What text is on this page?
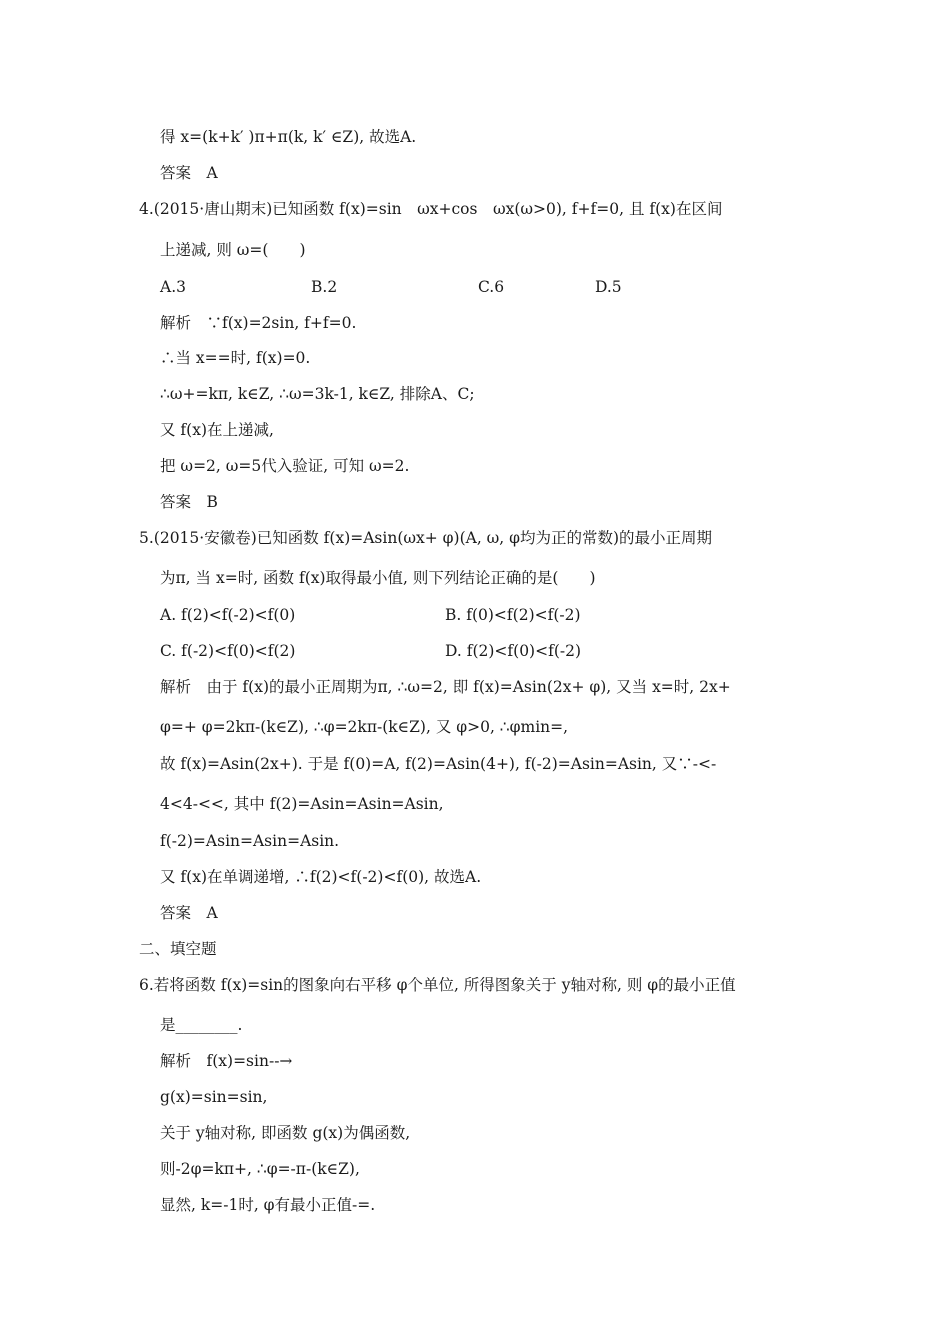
得 x=(k+k′ )π+π(k, k′ ∈Z), 故选A.
答案　A
4.(2015·唐山期末)已知函数 f(x)=sin　ωx+cos　ωx(ω>0), f+f=0, 且 f(x)在区间
上递减, 则 ω=(　　)
A.3	B.2	C.6	D.5
解析　∵f(x)=2sin, f+f=0.
∴当 x==时, f(x)=0.
∴ω+=kπ, k∈Z, ∴ω=3k-1, k∈Z, 排除A、C;
又 f(x)在上递减,
把 ω=2, ω=5代入验证, 可知 ω=2.
答案　B
5.(2015·安徽卷)已知函数 f(x)=Asin(ωx+ φ)(A, ω, φ均为正的常数)的最小正周期
为π, 当 x=时, 函数 f(x)取得最小值, 则下列结论正确的是(　　)
A. f(2)<f(-2)<f(0)	B. f(0)<f(2)<f(-2)
C. f(-2)<f(0)<f(2)	D. f(2)<f(0)<f(-2)
解析　由于 f(x)的最小正周期为π, ∴ω=2, 即 f(x)=Asin(2x+ φ), 又当 x=时, 2x+
φ=+ φ=2kπ-(k∈Z), ∴φ=2kπ-(k∈Z), 又 φ>0, ∴φmin=,
故 f(x)=Asin(2x+). 于是 f(0)=A, f(2)=Asin(4+), f(-2)=Asin=Asin, 又∵-<-
4<4-<<, 其中 f(2)=Asin=Asin=Asin,
f(-2)=Asin=Asin=Asin.
又 f(x)在单调递增, ∴f(2)<f(-2)<f(0), 故选A.
答案　A
二、填空题
6.若将函数 f(x)=sin的图象向右平移 φ个单位, 所得图象关于 y轴对称, 则 φ的最小正值
是________.
解析　f(x)=sin--→
g(x)=sin=sin,
关于 y轴对称, 即函数 g(x)为偶函数,
则-2φ=kπ+, ∴φ=-π-(k∈Z),
显然, k=-1时, φ有最小正值-=.
